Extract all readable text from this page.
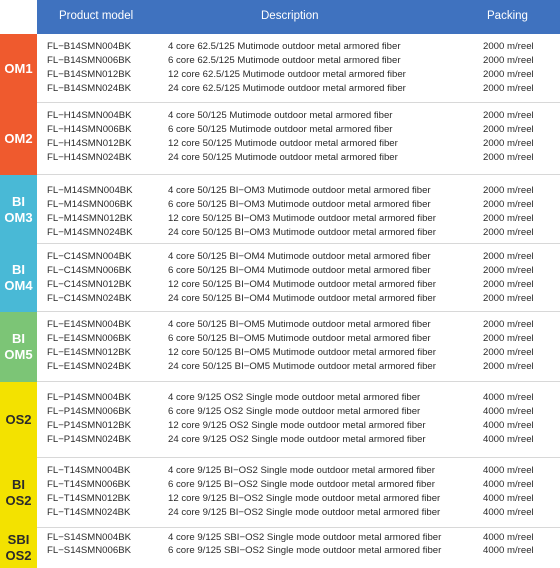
Product model	Description	Packing
OM1
FL−B14SMN004BK	4 core 62.5/125 Mutimode outdoor metal armored fiber	2000 m/reel
FL−B14SMN006BK	6 core 62.5/125 Mutimode outdoor metal armored fiber	2000 m/reel
FL−B14SMN012BK	12 core 62.5/125 Mutimode outdoor metal armored fiber	2000 m/reel
FL−B14SMN024BK	24 core 62.5/125 Mutimode outdoor metal armored fiber	2000 m/reel
OM2
FL−H14SMN004BK	4 core 50/125 Mutimode outdoor metal armored fiber	2000 m/reel
FL−H14SMN006BK	6 core 50/125 Mutimode outdoor metal armored fiber	2000 m/reel
FL−H14SMN012BK	12 core 50/125 Mutimode outdoor metal armored fiber	2000 m/reel
FL−H14SMN024BK	24 core 50/125 Mutimode outdoor metal armored fiber	2000 m/reel
BI
OM3
FL−M14SMN004BK	4 core 50/125 BI−OM3 Mutimode outdoor metal armored fiber	2000 m/reel
FL−M14SMN006BK	6 core 50/125 BI−OM3 Mutimode outdoor metal armored fiber	2000 m/reel
FL−M14SMN012BK	12 core 50/125 BI−OM3 Mutimode outdoor metal armored fiber	2000 m/reel
FL−M14SMN024BK	24 core 50/125 BI−OM3 Mutimode outdoor metal armored fiber	2000 m/reel
BI
OM4
FL−C14SMN004BK	4 core 50/125 BI−OM4 Mutimode outdoor metal armored fiber	2000 m/reel
FL−C14SMN006BK	6 core 50/125 BI−OM4 Mutimode outdoor metal armored fiber	2000 m/reel
FL−C14SMN012BK	12 core 50/125 BI−OM4 Mutimode outdoor metal armored fiber	2000 m/reel
FL−C14SMN024BK	24 core 50/125 BI−OM4 Mutimode outdoor metal armored fiber	2000 m/reel
BI
OM5
FL−E14SMN004BK	4 core 50/125 BI−OM5 Mutimode outdoor metal armored fiber	2000 m/reel
FL−E14SMN006BK	6 core 50/125 BI−OM5 Mutimode outdoor metal armored fiber	2000 m/reel
FL−E14SMN012BK	12 core 50/125 BI−OM5 Mutimode outdoor metal armored fiber	2000 m/reel
FL−E14SMN024BK	24 core 50/125 BI−OM5 Mutimode outdoor metal armored fiber	2000 m/reel
OS2
FL−P14SMN004BK	4 core 9/125 OS2 Single mode outdoor metal armored fiber	4000 m/reel
FL−P14SMN006BK	6 core 9/125 OS2 Single mode outdoor metal armored fiber	4000 m/reel
FL−P14SMN012BK	12 core 9/125 OS2 Single mode outdoor metal armored fiber	4000 m/reel
FL−P14SMN024BK	24 core 9/125 OS2 Single mode outdoor metal armored fiber	4000 m/reel
BI
OS2
FL−T14SMN004BK	4 core 9/125 BI−OS2 Single mode outdoor metal armored fiber	4000 m/reel
FL−T14SMN006BK	6 core 9/125 BI−OS2 Single mode outdoor metal armored fiber	4000 m/reel
FL−T14SMN012BK	12 core 9/125 BI−OS2 Single mode outdoor metal armored fiber	4000 m/reel
FL−T14SMN024BK	24 core 9/125 BI−OS2 Single mode outdoor metal armored fiber	4000 m/reel
SBI
OS2
FL−S14SMN004BK	4 core 9/125 SBI−OS2 Single mode outdoor metal armored fiber	4000 m/reel
FL−S14SMN006BK	6 core 9/125 SBI−OS2 Single mode outdoor metal armored fiber	4000 m/reel
